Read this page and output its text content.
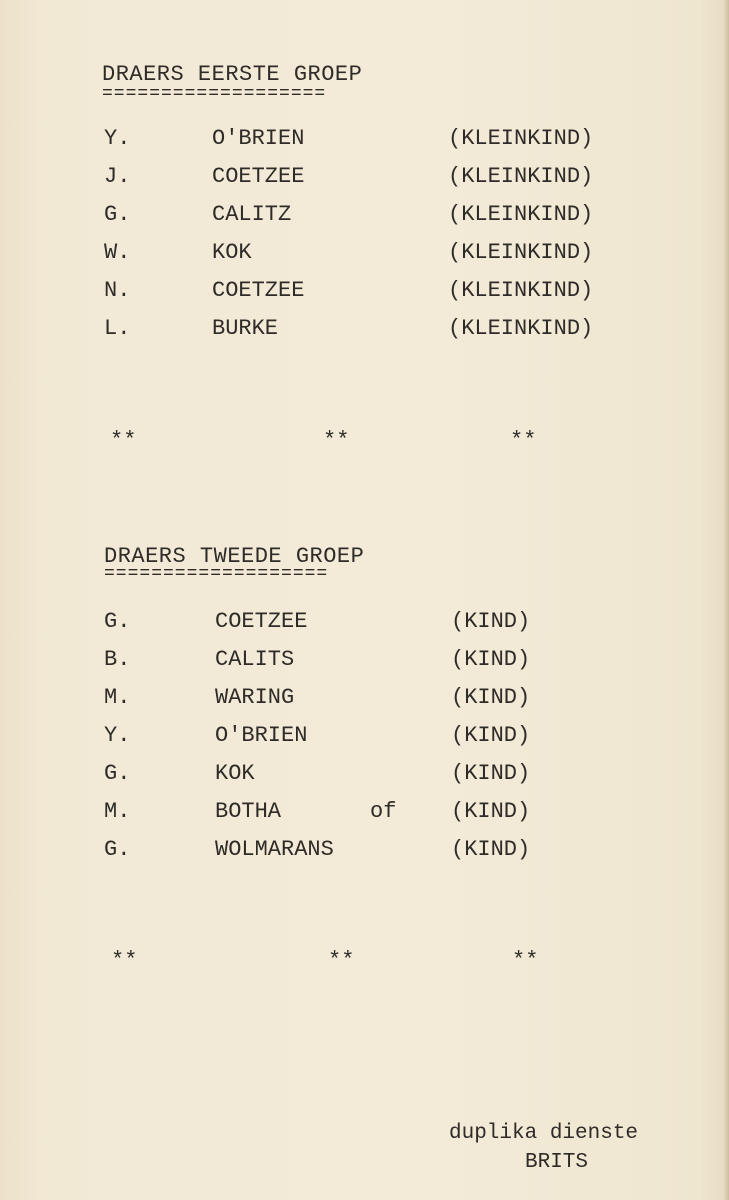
DRAERS EERSTE GROEP
===================
Y.	O'BRIEN	(KLEINKIND)
J.	COETZEE	(KLEINKIND)
G.	CALITZ	(KLEINKIND)
W.	KOK	(KLEINKIND)
N.	COETZEE	(KLEINKIND)
L.	BURKE	(KLEINKIND)
**	**	**
DRAERS TWEEDE GROEP
===================
G.	COETZEE	(KIND)
B.	CALITS	(KIND)
M.	WARING	(KIND)
Y.	O'BRIEN	(KIND)
G.	KOK	(KIND)
M.	BOTHA	of (KIND)
G.	WOLMARANS	(KIND)
**	**	**
duplika dienste
BRITS
